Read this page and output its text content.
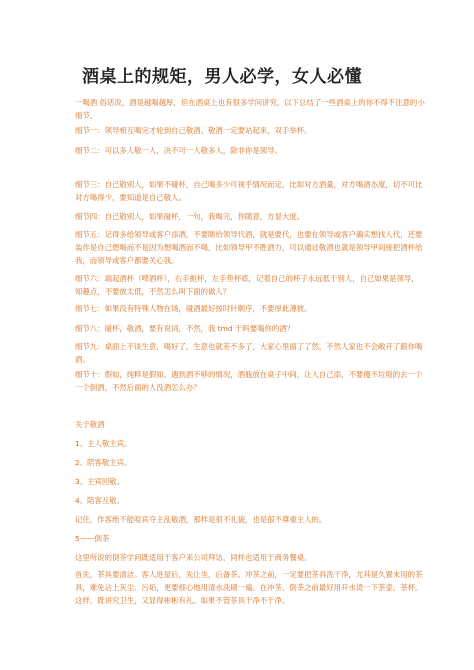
酒桌上的规矩，男人必学，女人必懂
一喝酒 俗话说，酒是越喝越厚，但在酒桌上也有很多学问讲究，以下总结了一些酒桌上的你不得不注意的小细节。
细节一：领导相互喝完才轮到自己敬酒。敬酒一定要站起来，双手举杯。
细节二：可以多人敬一人，决不可一人敬多人，除非你是领导。
细节三：自己敬别人，如果不碰杯，自己喝多少可视乎情况而定，比如对方酒量，对方喝酒态度，切不可比对方喝得少，要知道是自己敬人。
细节四：自己敬别人，如果碰杯，一句，我喝完，你随意，方显大度。
细节五：记得多给领导或客户添酒，不要瞎给领导代酒，就是要代，也要在领导或客户确实想找人代，还要装作是自己想喝而不是因为想喝酒而不喝，比如领导甲不胜酒力，可以通过敬酒也就是领导甲间接把酒杯给我，而领导或客户都要关心我。
细节六：端起酒杯（啤酒杯），右手扼杯，左手垫杯底，记着自己的杯子永远低于别人，自己如果是领导，知趣点，不要放太低，不然怎么叫下面的做人？
细节七：如果没有特殊人物在场，碰酒最好按时针顺序，不要厚此薄彼。
细节八：碰杯，敬酒，要有说词，不然，我 tmd 干吗要喝你的酒？
细节九：桌面上不谈生意，喝好了，生意也就差不多了，大家心里面了了然，不然人家也不会敞开了跟你喝酒。
细节十：假如，纯粹是假如，遇到酒不够的情况，酒瓶放在桌子中间，让人自己添，不要傻不垃圾的去一个一个倒酒，不然后面的人没酒怎么办？
关于敬酒
1、主人敬主宾。
2、陪客敬主宾。
3、主宾回敬。
4、陪客互敬。
记住，作客绝不能喧宾夺主乱敬酒，那样是很不礼貌，也是很不尊重主人的。
5——倒茶
这里所说的倒茶学问既适用于客户来公司拜访，同样也适用于商务餐桌。
首先，茶具要清洁。客人进屋后，先让坐，后备茶。冲茶之前，一定要把茶具洗干净，尤其是久置未用的茶具，难免沾上灰尘、污垢，更要细心地用清水洗刷一遍。在冲茶、倒茶之前最好用开水烫一下茶壶、茶杯。这样，既讲究卫生，又显得彬彬有礼。如果不管茶具干净不干净。
